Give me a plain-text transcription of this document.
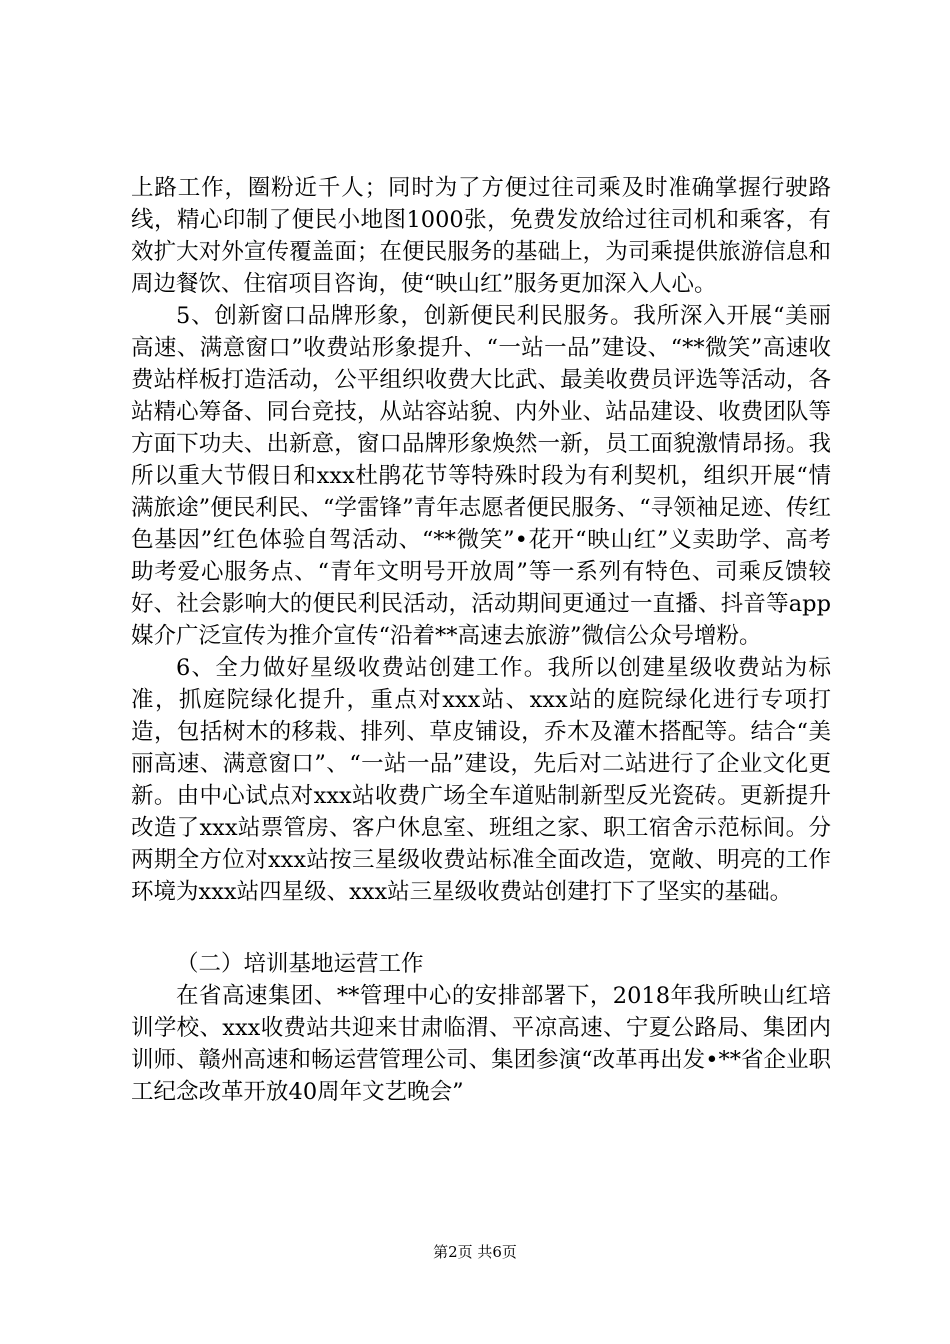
上路工作，圈粉近千人；同时为了方便过往司乘及时准确掌握行驶路线，精心印制了便民小地图1000张，免费发放给过往司机和乘客，有效扩大对外宣传覆盖面；在便民服务的基础上，为司乘提供旅游信息和周边餐饮、住宿项目咨询，使“映山红”服务更加深入人心。

5、创新窗口品牌形象，创新便民利民服务。我所深入开展“美丽高速、满意窗口”收费站形象提升、“一站一品”建设、“**微笑”高速收费站样板打造活动，公平组织收费大比武、最美收费员评选等活动，各站精心筹备、同台竞技，从站容站貌、内外业、站品建设、收费团队等方面下功夫、出新意，窗口品牌形象焕然一新，员工面貌激情昂扬。我所以重大节假日和xxx杜鹃花节等特殊时段为有利契机，组织开展“情满旅途”便民利民、“学雷锋”青年志愿者便民服务、“寻领袖足迹、传红色基因”红色体验自驾活动、“**微笑”•花开“映山红”义卖助学、高考助考爱心服务点、“青年文明号开放周”等一系列有特色、司乘反馈较好、社会影响大的便民利民活动，活动期间更通过一直播、抖音等app媒介广泛宣传为推介宣传“沿着**高速去旅游”微信公众号增粉。

6、全力做好星级收费站创建工作。我所以创建星级收费站为标准，抓庭院绿化提升，重点对xxx站、xxx站的庭院绿化进行专项打造，包括树木的移栽、排列、草皮铺设，乔木及灌木搭配等。结合“美丽高速、满意窗口”、“一站一品”建设，先后对二站进行了企业文化更新。由中心试点对xxx站收费广场全车道贴制新型反光瓷砖。更新提升改造了xxx站票管房、客户休息室、班组之家、职工宿舍示范标间。分两期全方位对xxx站按三星级收费站标准全面改造，宽敞、明亮的工作环境为xxx站四星级、xxx站三星级收费站创建打下了坚实的基础。

（二）培训基地运营工作

在省高速集团、**管理中心的安排部署下，2018年我所映山红培训学校、xxx收费站共迎来甘肃临渭、平凉高速、宁夏公路局、集团内训师、赣州高速和畅运营管理公司、集团参演“改革再出发•**省企业职工纪念改革开放40周年文艺晚会”

第2页 共6页
